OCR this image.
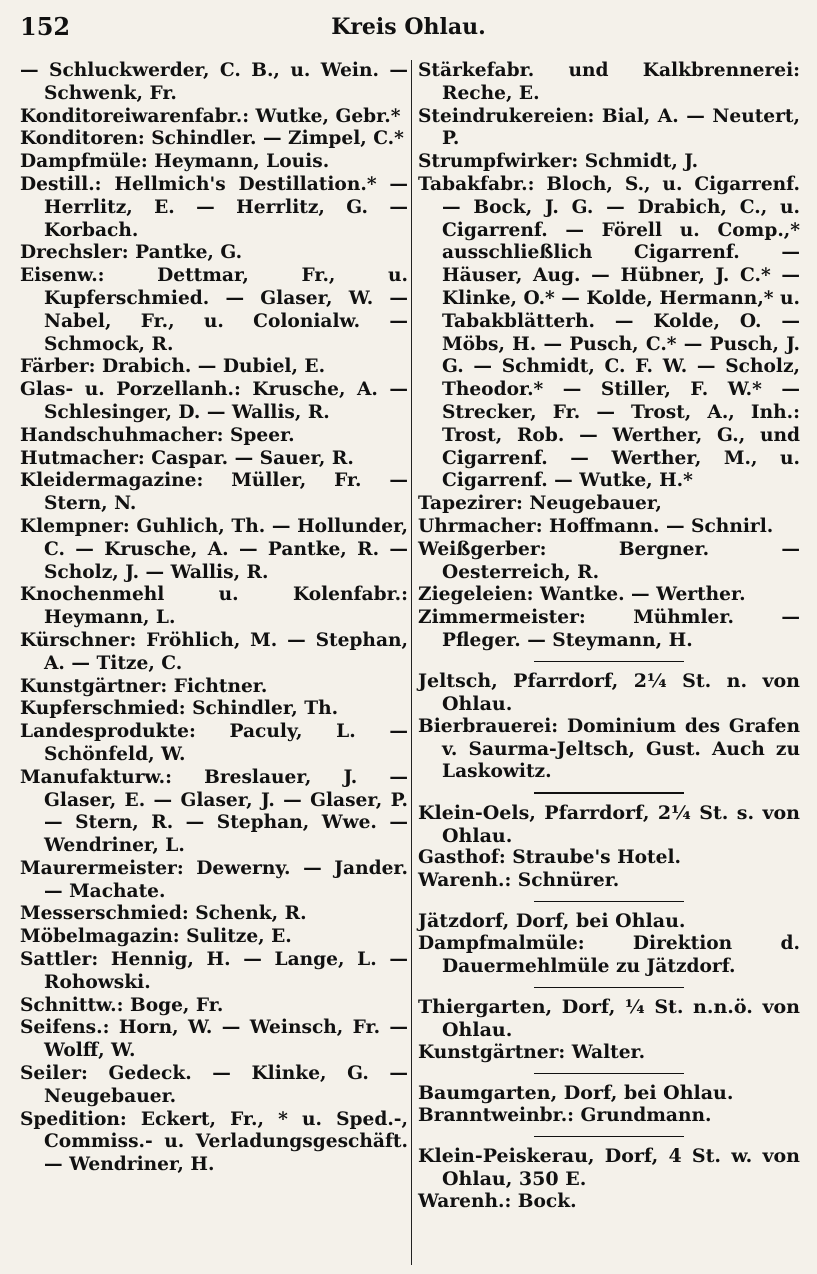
152	Kreis Ohlau.

— Schluckwerder, C. B., u. Wein. — Schwenk, Fr.

Konditoreiwarenfabr.: Wutke, Gebr.*

Konditoren: Schindler. — Zimpel, C.*

Dampfmüle: Heymann, Louis.

Destill.: Hellmich's Destillation.* — Herrlitz, E. — Herrlitz, G. — Korbach.

Drechsler: Pantke, G.

Eisenw.: Dettmar, Fr., u. Kupferschmied. — Glaser, W. — Nabel, Fr., u. Colonialw. — Schmock, R.

Färber: Drabich. — Dubiel, E.

Glas- u. Porzellanh.: Krusche, A. — Schlesinger, D. — Wallis, R.

Handschuhmacher: Speer.

Hutmacher: Caspar. — Sauer, R.

Kleidermagazine: Müller, Fr. — Stern, N.

Klempner: Guhlich, Th. — Hollunder, C. — Krusche, A. — Pantke, R. — Scholz, J. — Wallis, R.

Knochenmehl u. Kolenfabr.: Heymann, L.

Kürschner: Fröhlich, M. — Stephan, A. — Titze, C.

Kunstgärtner: Fichtner.

Kupferschmied: Schindler, Th.

Landesprodukte: Paculy, L. — Schönfeld, W.

Manufakturw.: Breslauer, J. — Glaser, E. — Glaser, J. — Glaser, P. — Stern, R. — Stephan, Wwe. — Wendriner, L.

Maurermeister: Dewerny. — Jander. — Machate.

Messerschmied: Schenk, R.

Möbelmagazin: Sulitze, E.

Sattler: Hennig, H. — Lange, L. — Rohowski.

Schnittw.: Boge, Fr.

Seifens.: Horn, W. — Weinsch, Fr. — Wolff, W.

Seiler: Gedeck. — Klinke, G. — Neugebauer.

Spedition: Eckert, Fr., * u. Sped.-, Commiss.- u. Verladungsgeschäft. — Wendriner, H.

Stärkefabr. und Kalkbrennerei: Reche, E.

Steindrukereien: Bial, A. — Neutert, P.

Strumpfwirker: Schmidt, J.

Tabakfabr.: Bloch, S., u. Cigarrenf. — Bock, J. G. — Drabich, C., u. Cigarrenf. — Förell u. Comp.,* ausschließlich Cigarrenf. — Häuser, Aug. — Hübner, J. C.* — Klinke, O.* — Kolde, Hermann,* u. Tabakblätterh. — Kolde, O. — Möbs, H. — Pusch, C.* — Pusch, J. G. — Schmidt, C. F. W. — Scholz, Theodor.* — Stiller, F. W.* — Strecker, Fr. — Trost, A., Inh.: Trost, Rob. — Werther, G., und Cigarrenf. — Werther, M., u. Cigarrenf. — Wutke, H.*

Tapezirer: Neugebauer,

Uhrmacher: Hoffmann. — Schnirl.

Weißgerber: Bergner. — Oesterreich, R.

Ziegeleien: Wantke. — Werther.

Zimmermeister: Mühmler. — Pfleger. — Steymann, H.

Jeltsch, Pfarrdorf, 2¼ St. n. von Ohlau.

Bierbrauerei: Dominium des Grafen v. Saurma-Jeltsch, Gust. Auch zu Laskowitz.

Klein-Oels, Pfarrdorf, 2¼ St. s. von Ohlau.

Gasthof: Straube's Hotel.

Warenh.: Schnürer.

Jätzdorf, Dorf, bei Ohlau.

Dampfmalmüle: Direktion d. Dauermehlmüle zu Jätzdorf.

Thiergarten, Dorf, ¼ St. n.n.ö. von Ohlau.

Kunstgärtner: Walter.

Baumgarten, Dorf, bei Ohlau.

Branntweinbr.: Grundmann.

Klein-Peiskerau, Dorf, 4 St. w. von Ohlau, 350 E.

Warenh.: Bock.
